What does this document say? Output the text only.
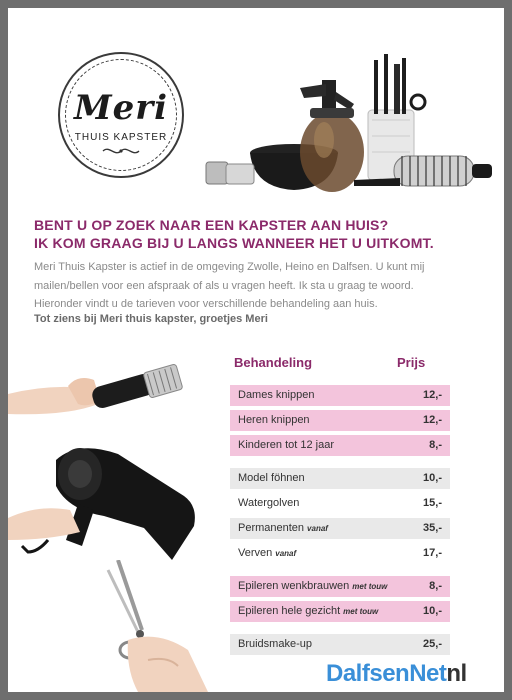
Meri
THUIS KAPSTER
BENT U OP ZOEK NAAR EEN KAPSTER AAN HUIS?
IK KOM GRAAG BIJ U LANGS WANNEER HET U UITKOMT.
Meri Thuis Kapster is actief in de omgeving Zwolle, Heino en Dalfsen. U kunt mij
mailen/bellen voor een afspraak of als u vragen heeft. Ik sta u graag te woord.
Hieronder vindt u de tarieven voor verschillende behandeling aan huis.
Tot ziens bij Meri thuis kapster, groetjes Meri
Behandeling	Prijs
Dames knippen	12,-
Heren knippen	12,-
Kinderen tot 12 jaar	8,-
Model föhnen	10,-
Watergolven	15,-
Permanenten vanaf	35,-
Verven vanaf	17,-
Epileren wenkbrauwen met touw	8,-
Epileren hele gezicht met touw	10,-
Bruidsmake-up	25,-
DalfsenNetnl
